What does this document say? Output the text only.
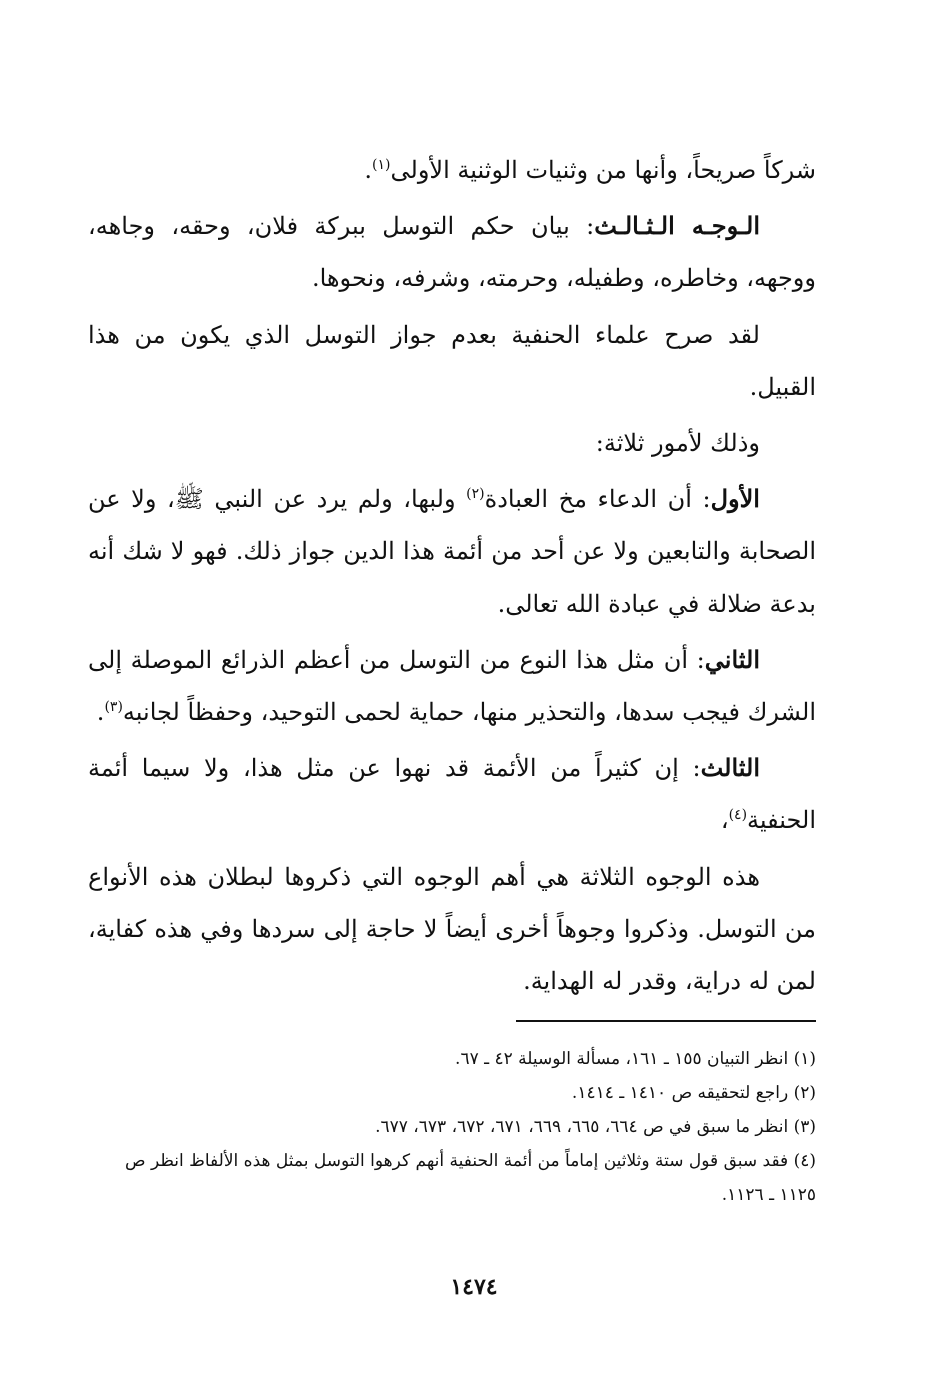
شركاً صريحاً، وأنها من وثنيات الوثنية الأولى$^{(١)}$.

الـوجـه الـثـالـث: بيان حكم التوسل ببركة فلان، وحقه، وجاهه، ووجهه، وخاطره، وطفيله، وحرمته، وشرفه، ونحوها.

لقد صرح علماء الحنفية بعدم جواز التوسل الذي يكون من هذا القبيل.

وذلك لأمور ثلاثة:

الأول: أن الدعاء مخ العبادة$^{(٢)}$ ولبها، ولم يرد عن النبي ﷺ، ولا عن الصحابة والتابعين ولا عن أحد من أئمة هذا الدين جواز ذلك. فهو لا شك أنه بدعة ضلالة في عبادة الله تعالى.

الثاني: أن مثل هذا النوع من التوسل من أعظم الذرائع الموصلة إلى الشرك فيجب سدها، والتحذير منها، حماية لحمى التوحيد، وحفظاً لجانبه$^{(٣)}$.

الثالث: إن كثيراً من الأئمة قد نهوا عن مثل هذا، ولا سيما أئمة الحنفية$^{(٤)}$،

هذه الوجوه الثلاثة هي أهم الوجوه التي ذكروها لبطلان هذه الأنواع من التوسل. وذكروا وجوهاً أخرى أيضاً لا حاجة إلى سردها وفي هذه كفاية، لمن له دراية، وقدر له الهداية.

(١) انظر التبيان ١٥٥ ـ ١٦١، مسألة الوسيلة ٤٢ ـ ٦٧.

(٢) راجع لتحقيقه ص ١٤١٠ ـ ١٤١٤.

(٣) انظر ما سبق في ص ٦٦٤، ٦٦٥، ٦٦٩، ٦٧١، ٦٧٢، ٦٧٣، ٦٧٧.

(٤) فقد سبق قول ستة وثلاثين إماماً من أئمة الحنفية أنهم كرهوا التوسل بمثل هذه الألفاظ انظر ص ١١٢٥ ـ ١١٢٦.

١٤٧٤
